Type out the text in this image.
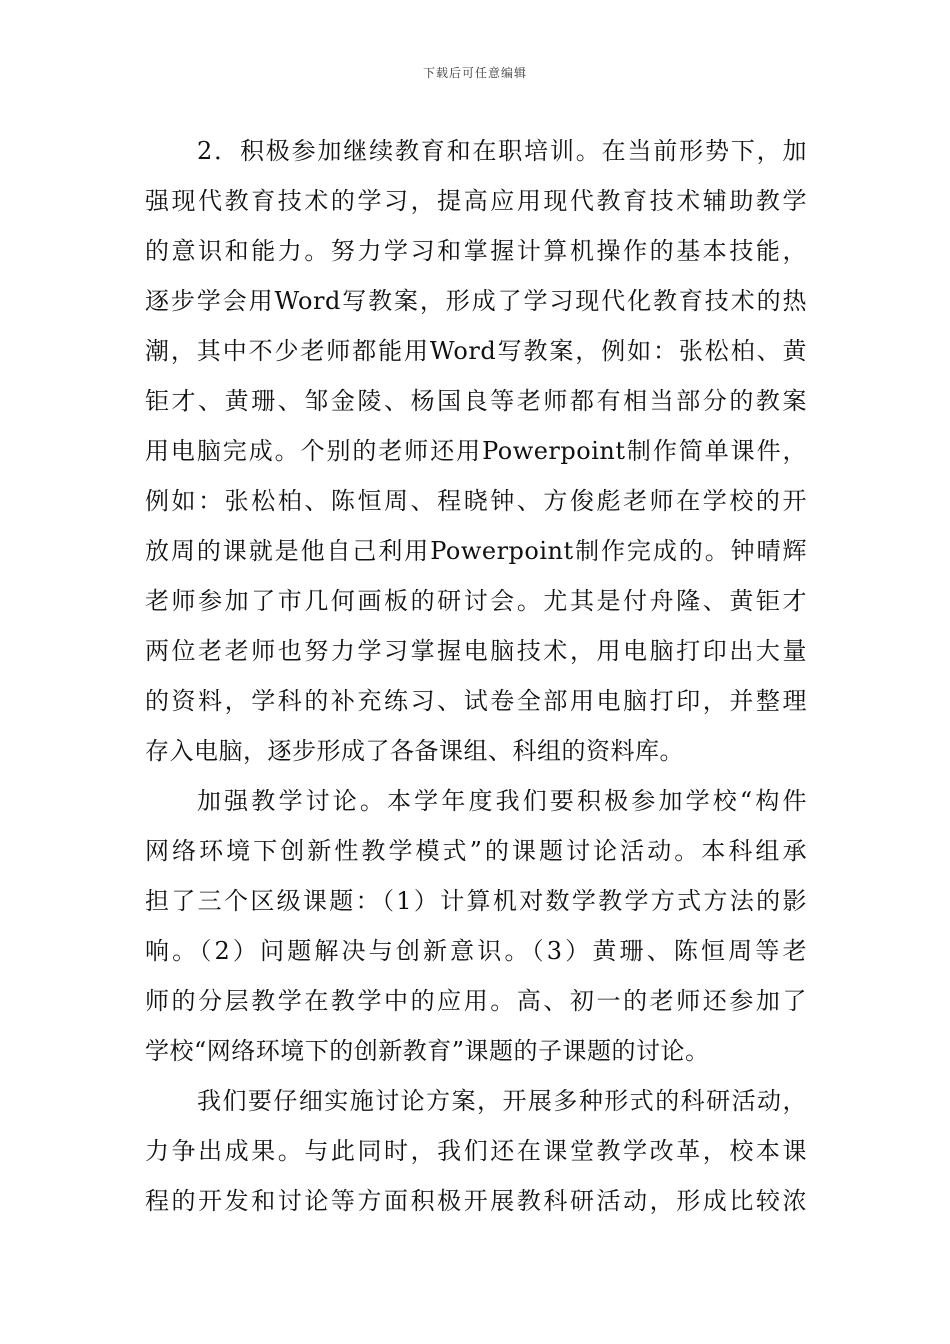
下载后可任意编辑
2．积极参加继续教育和在职培训。在当前形势下，加
强现代教育技术的学习，提高应用现代教育技术辅助教学
的意识和能力。努力学习和掌握计算机操作的基本技能，
逐步学会用Word写教案，形成了学习现代化教育技术的热
潮，其中不少老师都能用Word写教案，例如：张松柏、黄
钜才、黄珊、邹金陵、杨国良等老师都有相当部分的教案
用电脑完成。个别的老师还用Powerpoint制作简单课件，
例如：张松柏、陈恒周、程晓钟、方俊彪老师在学校的开
放周的课就是他自己利用Powerpoint制作完成的。钟晴辉
老师参加了市几何画板的研讨会。尤其是付舟隆、黄钜才
两位老老师也努力学习掌握电脑技术，用电脑打印出大量
的资料，学科的补充练习、试卷全部用电脑打印，并整理
存入电脑，逐步形成了各备课组、科组的资料库。
加强教学讨论。本学年度我们要积极参加学校“构件
网络环境下创新性教学模式”的课题讨论活动。本科组承
担了三个区级课题：（1）计算机对数学教学方式方法的影
响。（2）问题解决与创新意识。（3）黄珊、陈恒周等老
师的分层教学在教学中的应用。高、初一的老师还参加了
学校“网络环境下的创新教育”课题的子课题的讨论。
我们要仔细实施讨论方案，开展多种形式的科研活动，
力争出成果。与此同时，我们还在课堂教学改革，校本课
程的开发和讨论等方面积极开展教科研活动，形成比较浓
